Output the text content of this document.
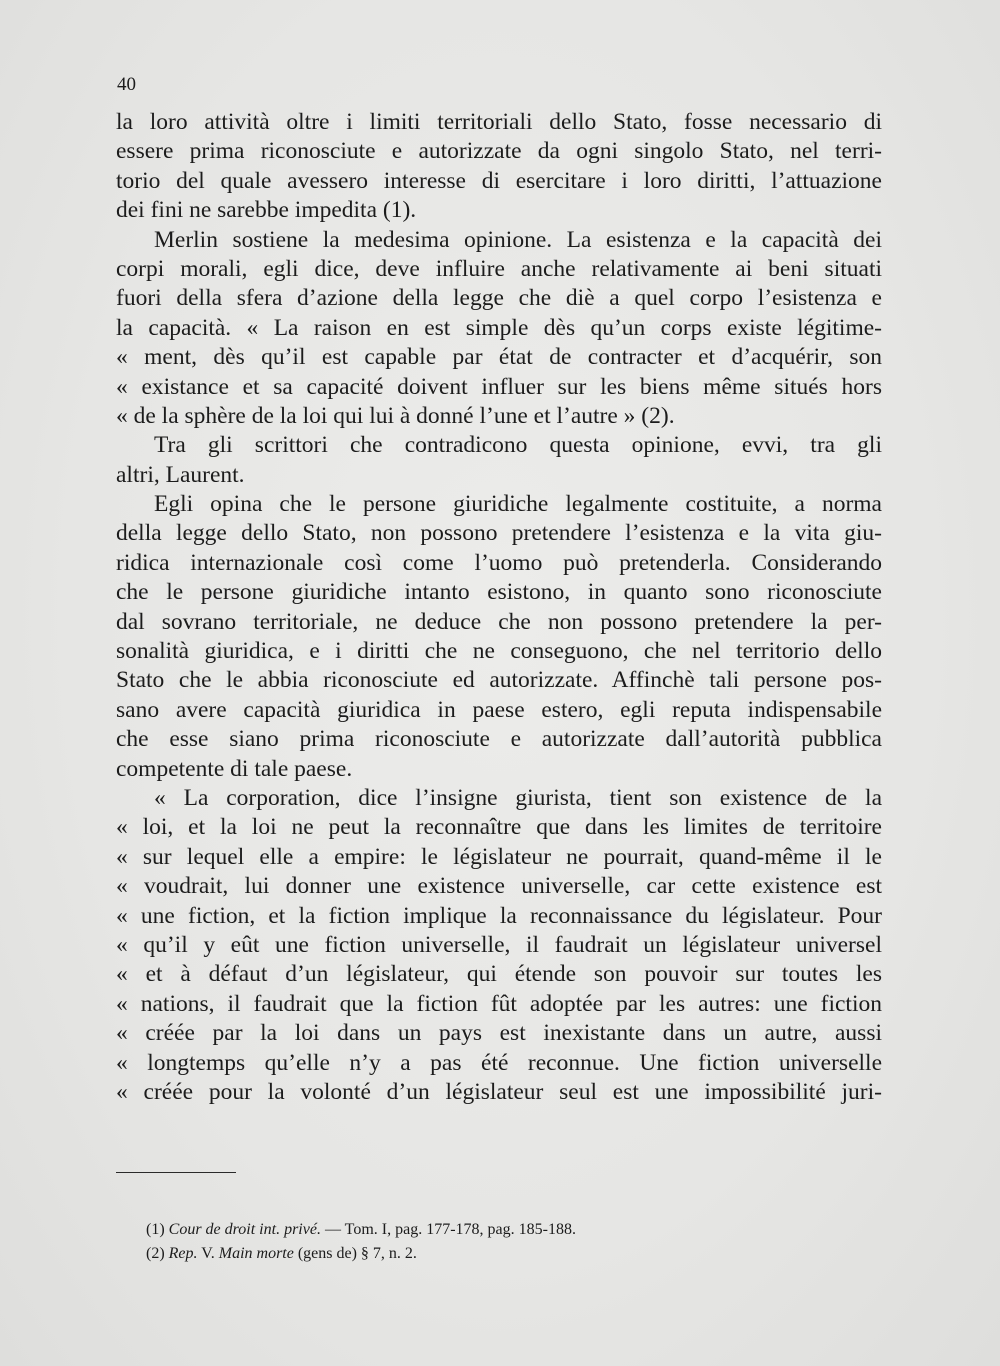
40
la loro attività oltre i limiti territoriali dello Stato, fosse necessario di
essere prima riconosciute e autorizzate da ogni singolo Stato, nel terri-
torio del quale avessero interesse di esercitare i loro diritti, l’attuazione
dei fini ne sarebbe impedita (1).
Merlin sostiene la medesima opinione. La esistenza e la capacità dei
corpi morali, egli dice, deve influire anche relativamente ai beni situati
fuori della sfera d’azione della legge che diè a quel corpo l’esistenza e
la capacità. « La raison en est simple dès qu’un corps existe légitime-
« ment, dès qu’il est capable par état de contracter et d’acquérir, son
« existance et sa capacité doivent influer sur les biens même situés hors
« de la sphère de la loi qui lui à donné l’une et l’autre » (2).
Tra gli scrittori che contradicono questa opinione, evvi, tra gli
altri, Laurent.
Egli opina che le persone giuridiche legalmente costituite, a norma
della legge dello Stato, non possono pretendere l’esistenza e la vita giu-
ridica internazionale così come l’uomo può pretenderla. Considerando
che le persone giuridiche intanto esistono, in quanto sono riconosciute
dal sovrano territoriale, ne deduce che non possono pretendere la per-
sonalità giuridica, e i diritti che ne conseguono, che nel territorio dello
Stato che le abbia riconosciute ed autorizzate. Affinchè tali persone pos-
sano avere capacità giuridica in paese estero, egli reputa indispensabile
che esse siano prima riconosciute e autorizzate dall’autorità pubblica
competente di tale paese.
« La corporation, dice l’insigne giurista, tient son existence de la
« loi, et la loi ne peut la reconnaître que dans les limites de territoire
« sur lequel elle a empire: le législateur ne pourrait, quand-même il le
« voudrait, lui donner une existence universelle, car cette existence est
« une fiction, et la fiction implique la reconnaissance du législateur. Pour
« qu’il y eût une fiction universelle, il faudrait un législateur universel
« et à défaut d’un législateur, qui étende son pouvoir sur toutes les
« nations, il faudrait que la fiction fût adoptée par les autres: une fiction
« créée par la loi dans un pays est inexistante dans un autre, aussi
« longtemps qu’elle n’y a pas été reconnue. Une fiction universelle
« créée pour la volonté d’un législateur seul est une impossibilité juri-
(1) Cour de droit int. privé. — Tom. I, pag. 177-178, pag. 185-188.
(2) Rep. V. Main morte (gens de) § 7, n. 2.
